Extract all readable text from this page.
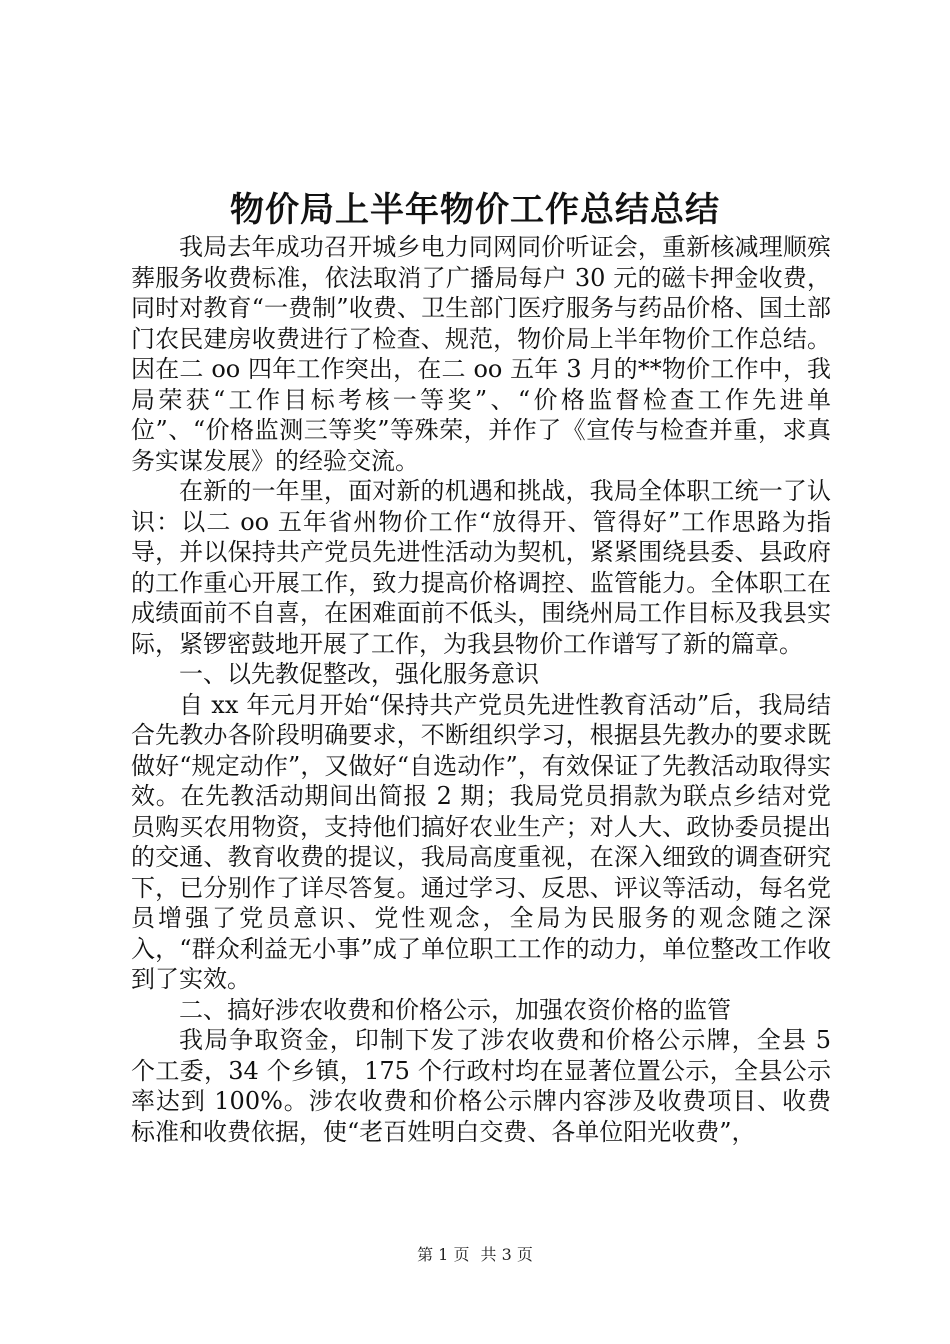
物价局上半年物价工作总结总结

我局去年成功召开城乡电力同网同价听证会，重新核减理顺殡葬服务收费标准，依法取消了广播局每户 30 元的磁卡押金收费，同时对教育“一费制”收费、卫生部门医疗服务与药品价格、国土部门农民建房收费进行了检查、规范，物价局上半年物价工作总结。因在二 oo 四年工作突出，在二 oo 五年 3 月的**物价工作中，我局荣获“工作目标考核一等奖”、“价格监督检查工作先进单位”、“价格监测三等奖”等殊荣，并作了《宣传与检查并重，求真务实谋发展》的经验交流。

在新的一年里，面对新的机遇和挑战，我局全体职工统一了认识：以二 oo 五年省州物价工作“放得开、管得好”工作思路为指导，并以保持共产党员先进性活动为契机，紧紧围绕县委、县政府的工作重心开展工作，致力提高价格调控、监管能力。全体职工在成绩面前不自喜，在困难面前不低头，围绕州局工作目标及我县实际，紧锣密鼓地开展了工作，为我县物价工作谱写了新的篇章。

一、以先教促整改，强化服务意识

自 xx 年元月开始“保持共产党员先进性教育活动”后，我局结合先教办各阶段明确要求，不断组织学习，根据县先教办的要求既做好“规定动作”，又做好“自选动作”，有效保证了先教活动取得实效。在先教活动期间出简报 2 期；我局党员捐款为联点乡结对党员购买农用物资，支持他们搞好农业生产；对人大、政协委员提出的交通、教育收费的提议，我局高度重视，在深入细致的调查研究下，已分别作了详尽答复。通过学习、反思、评议等活动，每名党员增强了党员意识、党性观念，全局为民服务的观念随之深入，“群众利益无小事”成了单位职工工作的动力，单位整改工作收到了实效。

二、搞好涉农收费和价格公示，加强农资价格的监管

我局争取资金，印制下发了涉农收费和价格公示牌，全县 5 个工委，34 个乡镇，175 个行政村均在显著位置公示，全县公示率达到 100%。涉农收费和价格公示牌内容涉及收费项目、收费标准和收费依据，使“老百姓明白交费、各单位阳光收费”，

第 1 页 共 3 页
